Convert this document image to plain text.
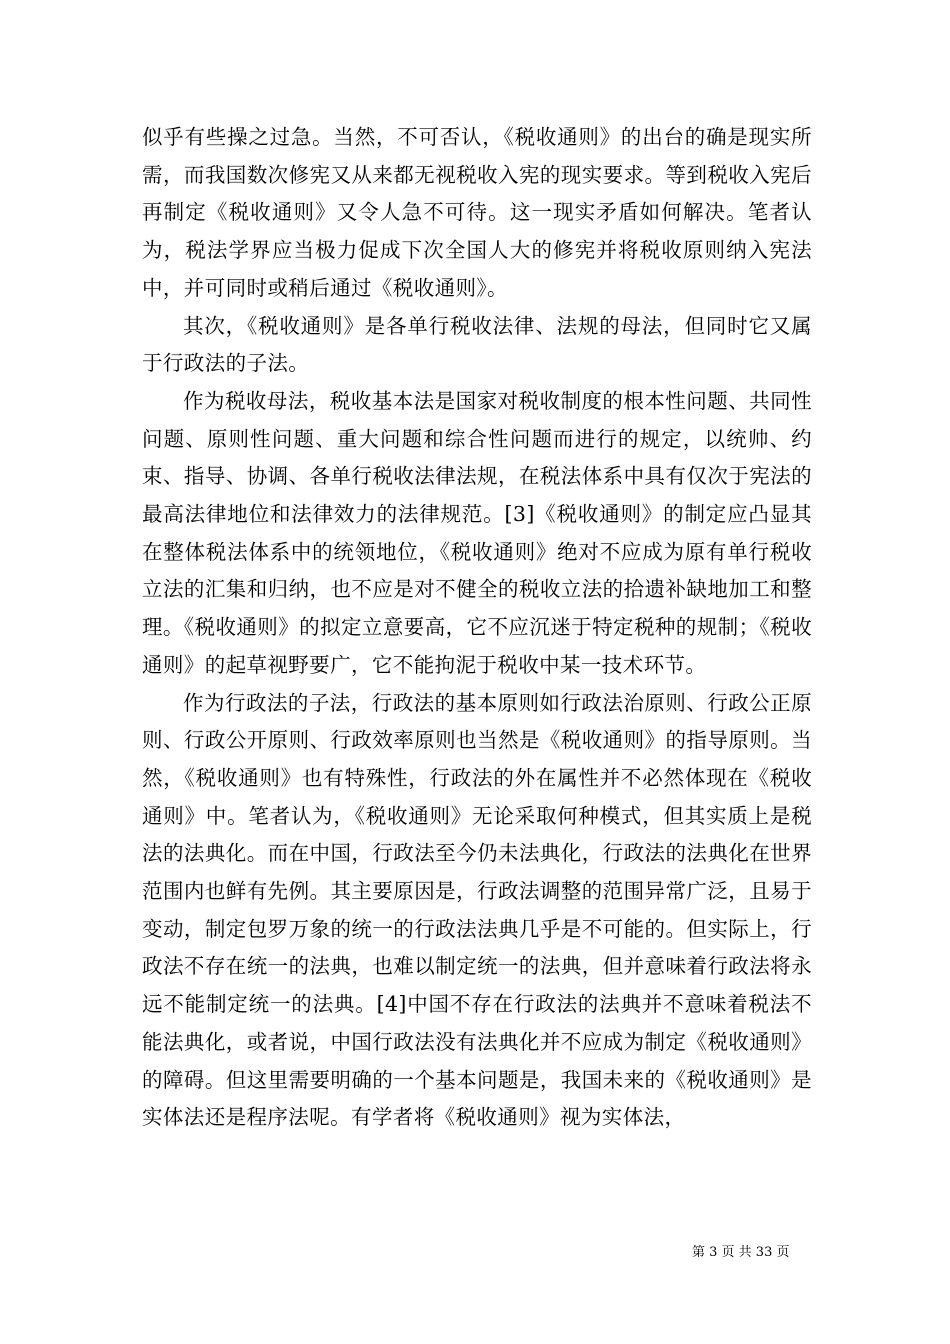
似乎有些操之过急。当然，不可否认，《税收通则》的出台的确是现实所需，而我国数次修宪又从来都无视税收入宪的现实要求。等到税收入宪后再制定《税收通则》又令人急不可待。这一现实矛盾如何解决。笔者认为，税法学界应当极力促成下次全国人大的修宪并将税收原则纳入宪法中，并可同时或稍后通过《税收通则》。

其次，《税收通则》是各单行税收法律、法规的母法，但同时它又属于行政法的子法。

作为税收母法，税收基本法是国家对税收制度的根本性问题、共同性问题、原则性问题、重大问题和综合性问题而进行的规定，以统帅、约束、指导、协调、各单行税收法律法规，在税法体系中具有仅次于宪法的最高法律地位和法律效力的法律规范。[3]《税收通则》的制定应凸显其在整体税法体系中的统领地位，《税收通则》绝对不应成为原有单行税收立法的汇集和归纳，也不应是对不健全的税收立法的拾遗补缺地加工和整理。《税收通则》的拟定立意要高，它不应沉迷于特定税种的规制；《税收通则》的起草视野要广，它不能拘泥于税收中某一技术环节。

作为行政法的子法，行政法的基本原则如行政法治原则、行政公正原则、行政公开原则、行政效率原则也当然是《税收通则》的指导原则。当然，《税收通则》也有特殊性，行政法的外在属性并不必然体现在《税收通则》中。笔者认为，《税收通则》无论采取何种模式，但其实质上是税法的法典化。而在中国，行政法至今仍未法典化，行政法的法典化在世界范围内也鲜有先例。其主要原因是，行政法调整的范围异常广泛，且易于变动，制定包罗万象的统一的行政法法典几乎是不可能的。但实际上，行政法不存在统一的法典，也难以制定统一的法典，但并意味着行政法将永远不能制定统一的法典。[4]中国不存在行政法的法典并不意味着税法不能法典化，或者说，中国行政法没有法典化并不应成为制定《税收通则》的障碍。但这里需要明确的一个基本问题是，我国未来的《税收通则》是实体法还是程序法呢。有学者将《税收通则》视为实体法，

第 3 页 共 33 页
